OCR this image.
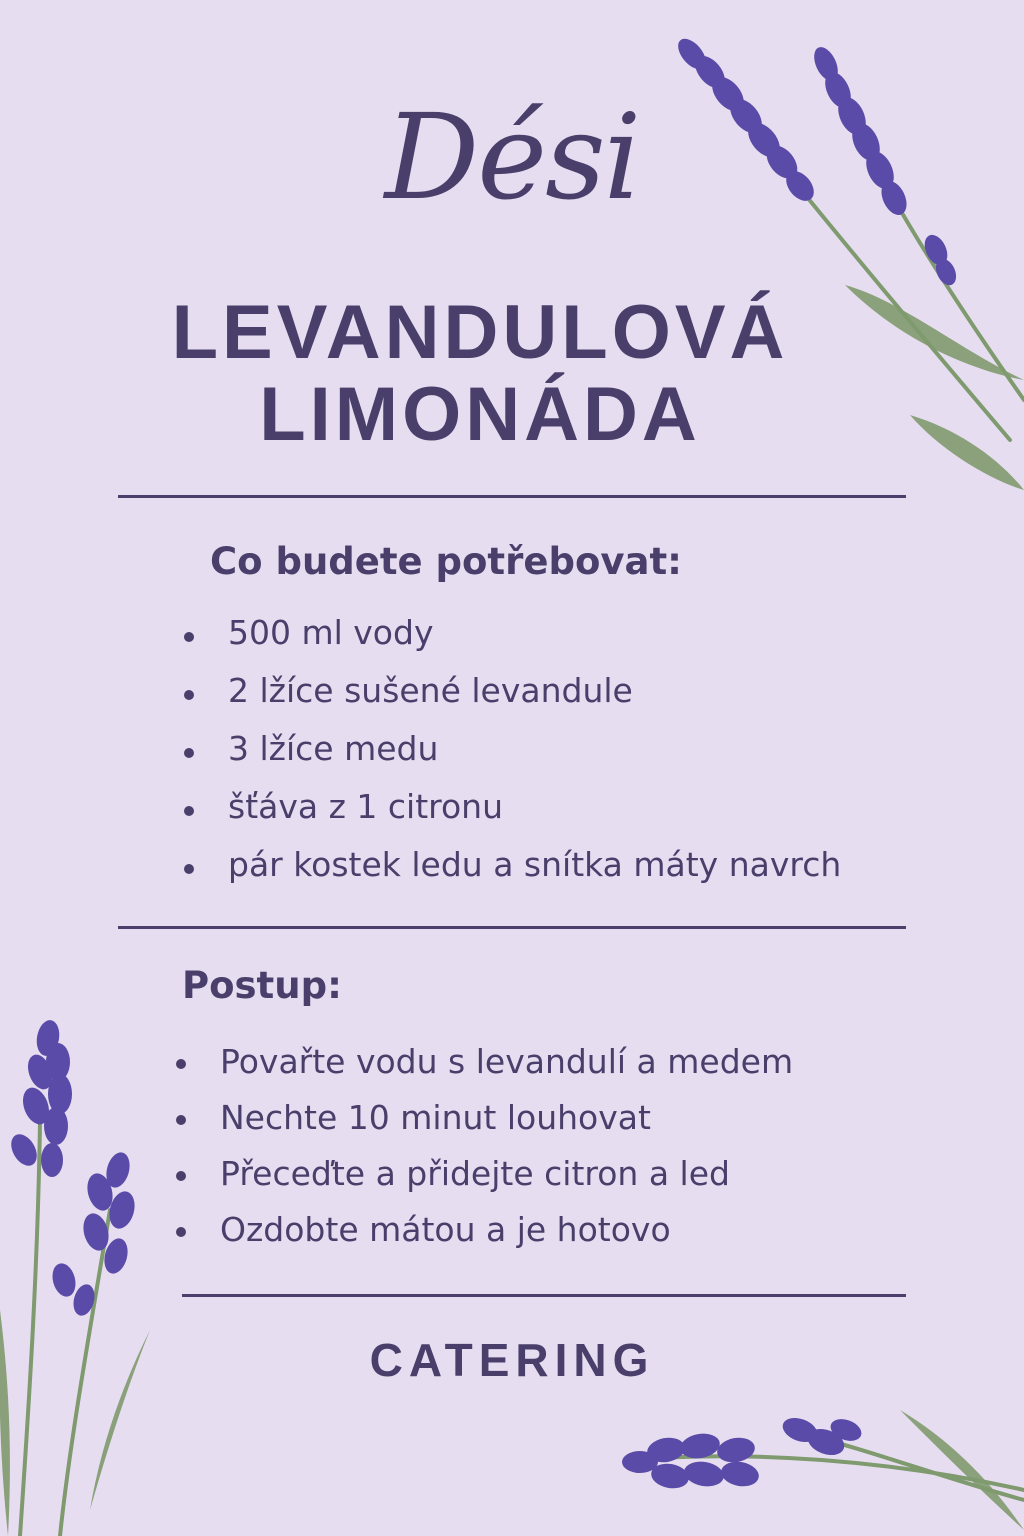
Dési
LEVANDULOVÁ
LIMONÁDA
Co budete potřebovat:
500 ml vody
2 lžíce sušené levandule
3 lžíce medu
šťáva z 1 citronu
pár kostek ledu a snítka máty navrch
Postup:
Povařte vodu s levandulí a medem
Nechte 10 minut louhovat
Přeceďte a přidejte citron a led
Ozdobte mátou a je hotovo
CATERING
